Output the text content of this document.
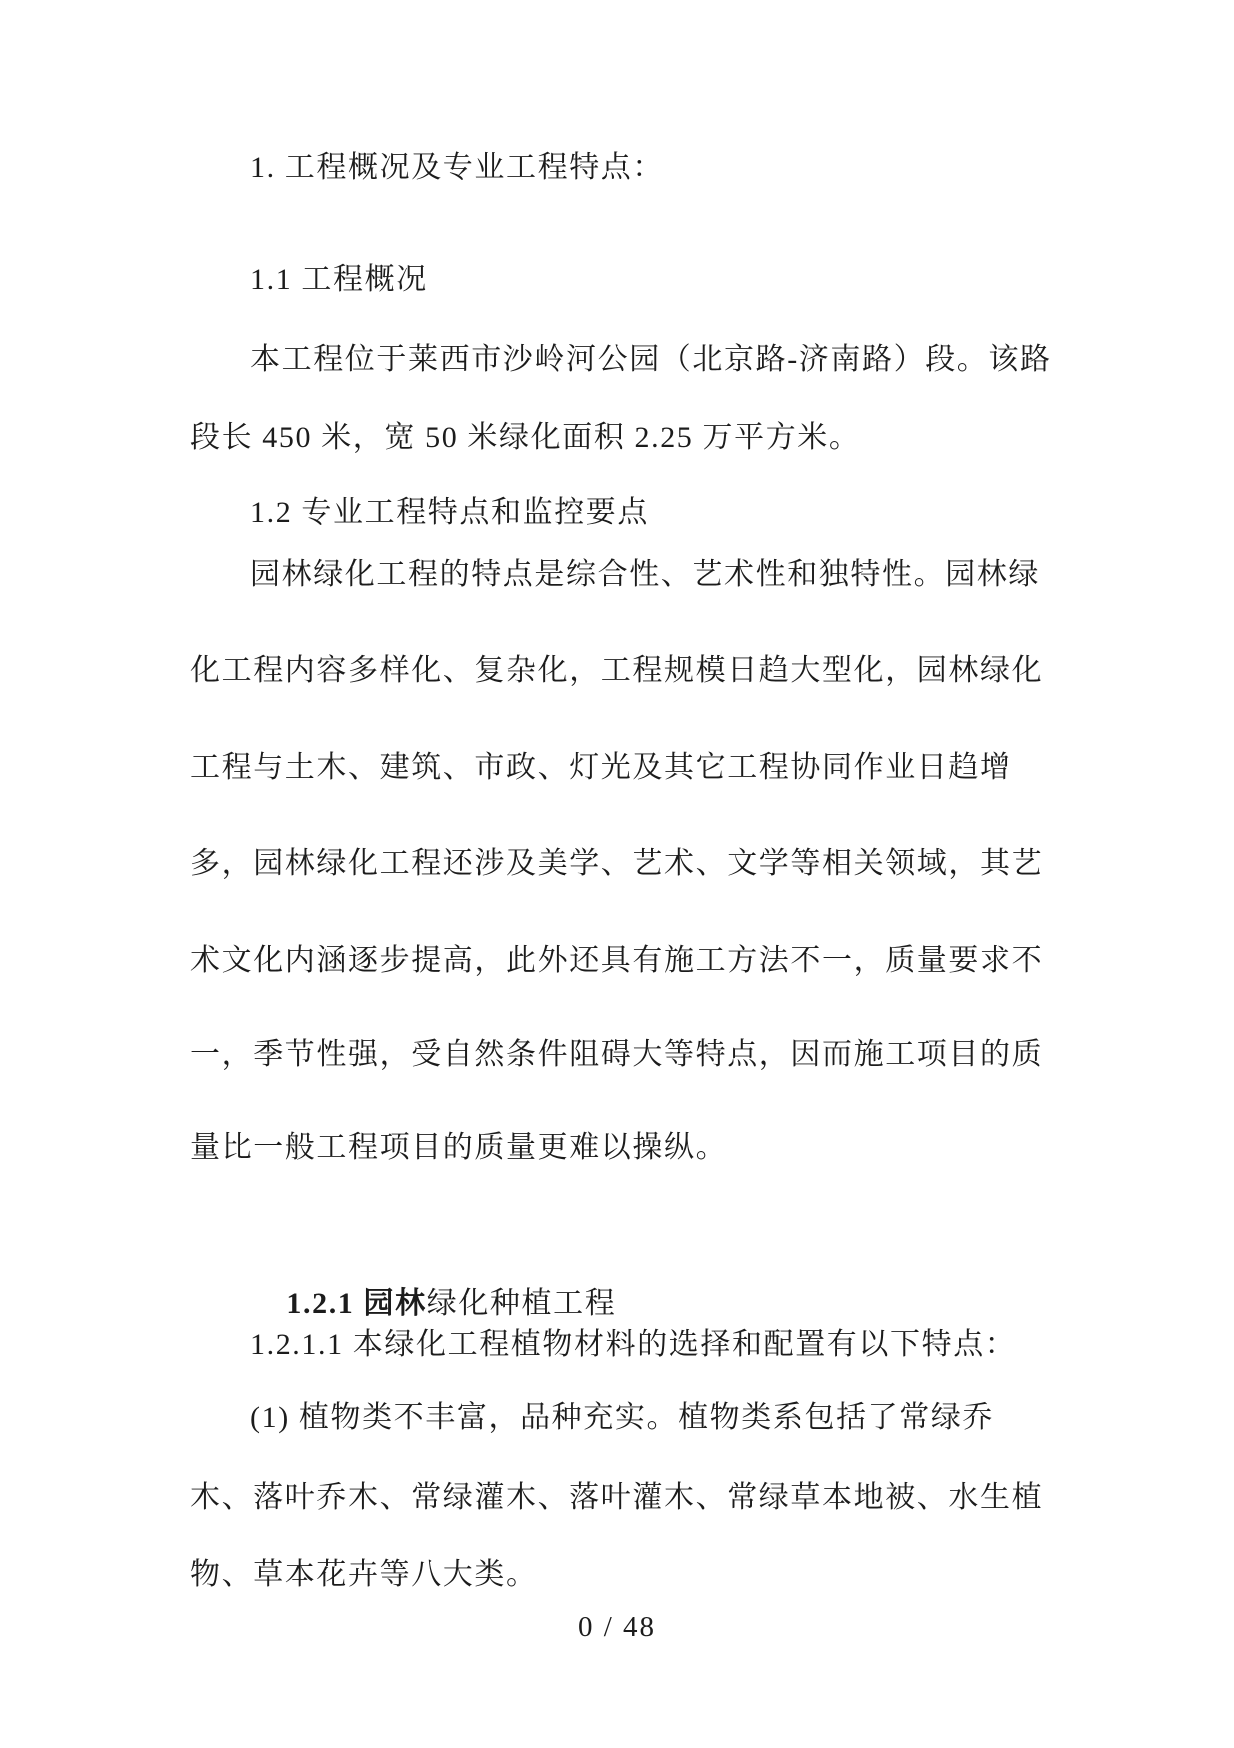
1. 工程概况及专业工程特点：
1.1 工程概况
本工程位于莱西市沙岭河公园（北京路-济南路）段。该路
段长 450 米，宽 50 米绿化面积 2.25 万平方米。
1.2 专业工程特点和监控要点
园林绿化工程的特点是综合性、艺术性和独特性。园林绿
化工程内容多样化、复杂化，工程规模日趋大型化，园林绿化
工程与土木、建筑、市政、灯光及其它工程协同作业日趋增
多，园林绿化工程还涉及美学、艺术、文学等相关领域，其艺
术文化内涵逐步提高，此外还具有施工方法不一，质量要求不
一，季节性强，受自然条件阻碍大等特点，因而施工项目的质
量比一般工程项目的质量更难以操纵。

1.2.1 园林绿化种植工程

1.2.1.1 本绿化工程植物材料的选择和配置有以下特点：
(1) 植物类不丰富，品种充实。植物类系包括了常绿乔
木、落叶乔木、常绿灌木、落叶灌木、常绿草本地被、水生植
物、草本花卉等八大类。
0 / 48
